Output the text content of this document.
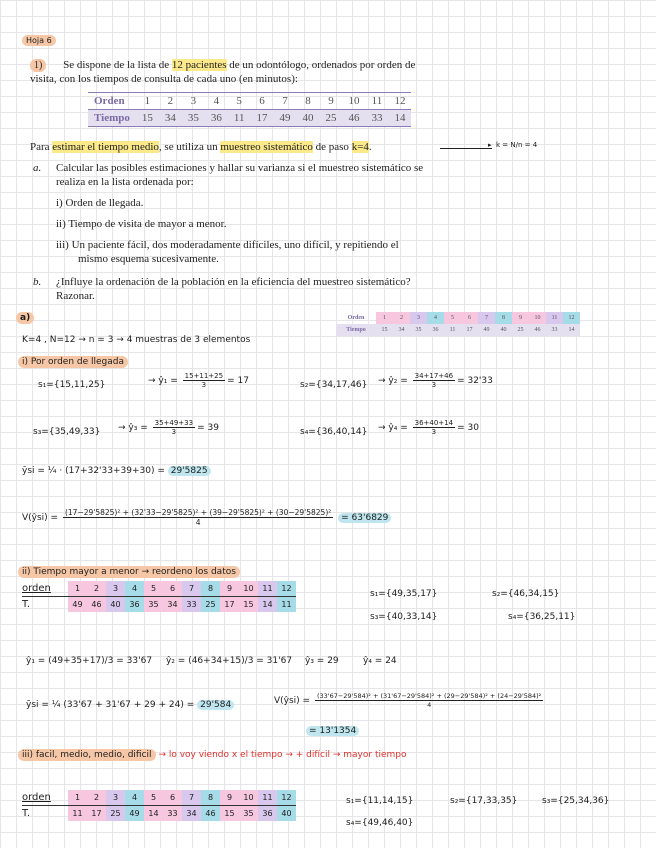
Hoja 6
1) Se dispone de la lista de 12 pacientes de un odontólogo, ordenados por orden de
visita, con los tiempos de consulta de cada uno (en minutos):
Orden	1	2	3	4	5	6	7	8	9	10	11	12
Tiempo	15	34	35	36	11	17	49	40	25	46	33	14
Para estimar el tiempo medio, se utiliza un muestreo sistemático de paso k=4.	▸ k = N/n = 4
a. Calcular las posibles estimaciones y hallar su varianza si el muestreo sistemático se
realiza en la lista ordenada por:
i) Orden de llegada.
ii) Tiempo de visita de mayor a menor.
iii) Un paciente fácil, dos moderadamente difíciles, uno difícil, y repitiendo el
mismo esquema sucesivamente.
b. ¿Influye la ordenación de la población en la eficiencia del muestreo sistemático?
Razonar.
a)	Orden	1	2	3	4	5	6	7	8	9	10	11	12
Tiempo	15	34	35	36	11	17	49	40	25	46	33	14
K=4 , N=12 → n = 3 → 4 muestras de 3 elementos
i) Por orden de llegada
s₁={15,11,25}	→ ŷ₁ = $\frac{15+11+25}{3} = 17$	s₂={34,17,46} → ŷ₂ = $\frac{34+17+46}{3} = 32'33$
s₃={35,49,33} → ŷ₃ = $\frac{35+49+33}{3} = 39$	s₄={36,40,14} → ŷ₄ = $\frac{36+40+14}{3} = 30$
ȳsi = ¼ · (17+32'33+39+30) = 29'5825
V(ŷsi) =
(17−29'5825)² + (32'33−29'5825)² + (39−29'5825)² + (30−29'5825)²
4	= 63'6829
ii) Tiempo mayor a menor → reordeno los datos
orden	1	2	3	4	5	6	7	8	9	10	11	12
T.	49	46	40	36	35	34	33	25	17	15	14	11
s₁={49,35,17}	s₂={46,34,15}
s₃={40,33,14}	s₄={36,25,11}
ŷ₁ = (49+35+17)/3 = 33'67 ŷ₂ = (46+34+15)/3 = 31'67 ŷ₃ = 29	ŷ₄ = 24
ȳsi = ¼ (33'67 + 31'67 + 29 + 24) = 29'584	V(ŷsi) =	(33'67−29'584)² + (31'67−29'584)² + (29−29'584)² + (24−29'584)²
4
= 13'1354
iii) facil, medio, medio, dificil → lo voy viendo x el tiempo → + difícil → mayor tiempo
orden	1	2	3	4	5	6	7	8	9	10	11	12
T.	11	17	25	49	14	33	34	46	15	35	36	40
s₁={11,14,15}	s₂={17,33,35}	s₃={25,34,36}
s₄={49,46,40}
